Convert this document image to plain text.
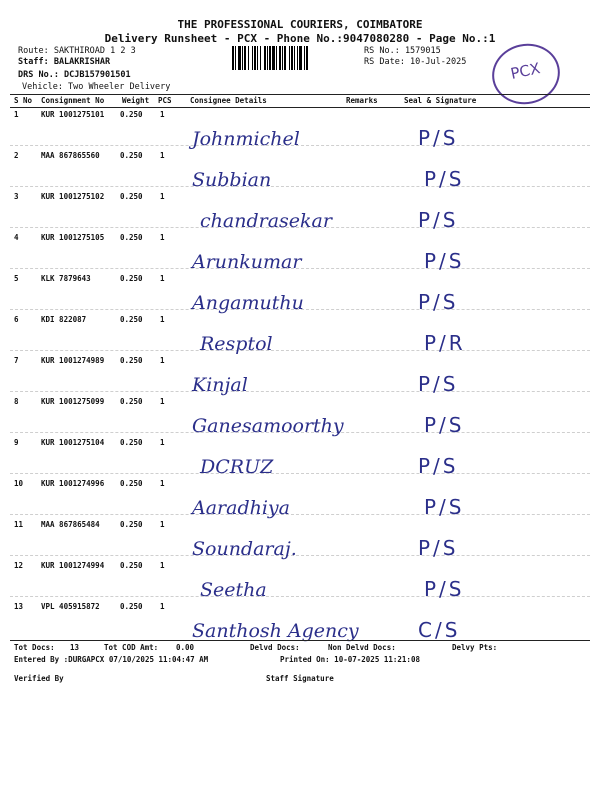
THE PROFESSIONAL COURIERS, COIMBATORE
Delivery Runsheet - PCX - Phone No.:9047080280 - Page No.:1
Route: SAKTHIROAD 1 2 3
Staff: BALAKRISHAR
DRS No.: DCJB157901501
Vehicle: Two Wheeler Delivery
RS No.: 1579015
RS Date: 10-Jul-2025	PCX
S No Consignment No Weight PCS Consignee Details	Remarks	Seal & Signature
1	KUR 1001275101 0.250 1
Johnmichel	P/S
2	MAA 867865560	0.250 1
Subbian	P/S
3	KUR 1001275102 0.250 1
chandrasekar	P/S
4	KUR 1001275105 0.250 1
Arunkumar	P/S
5	KLK 7879643	0.250 1
Angamuthu	P/S
6	KDI 822087	0.250 1
Resptol	P/R
7	KUR 1001274989 0.250 1
Kinjal	P/S
8	KUR 1001275099 0.250 1
Ganesamoorthy	P/S
9	KUR 1001275104 0.250 1
DCRUZ	P/S
10 KUR 1001274996 0.250 1
Aaradhiya	P/S
11 MAA 867865484	0.250 1
Soundaraj.	P/S
12 KUR 1001274994 0.250 1
Seetha	P/S
13 VPL 405915872	0.250 1
Santhosh Agency	C/S
Tot Docs: 13	Tot COD Amt: 0.00	Delvd Docs:	Non Delvd Docs:	Delvy Pts:
Entered By :DURGAPCX 07/10/2025 11:04:47 AM	Printed On: 10-07-2025 11:21:08
Verified By	Staff Signature
